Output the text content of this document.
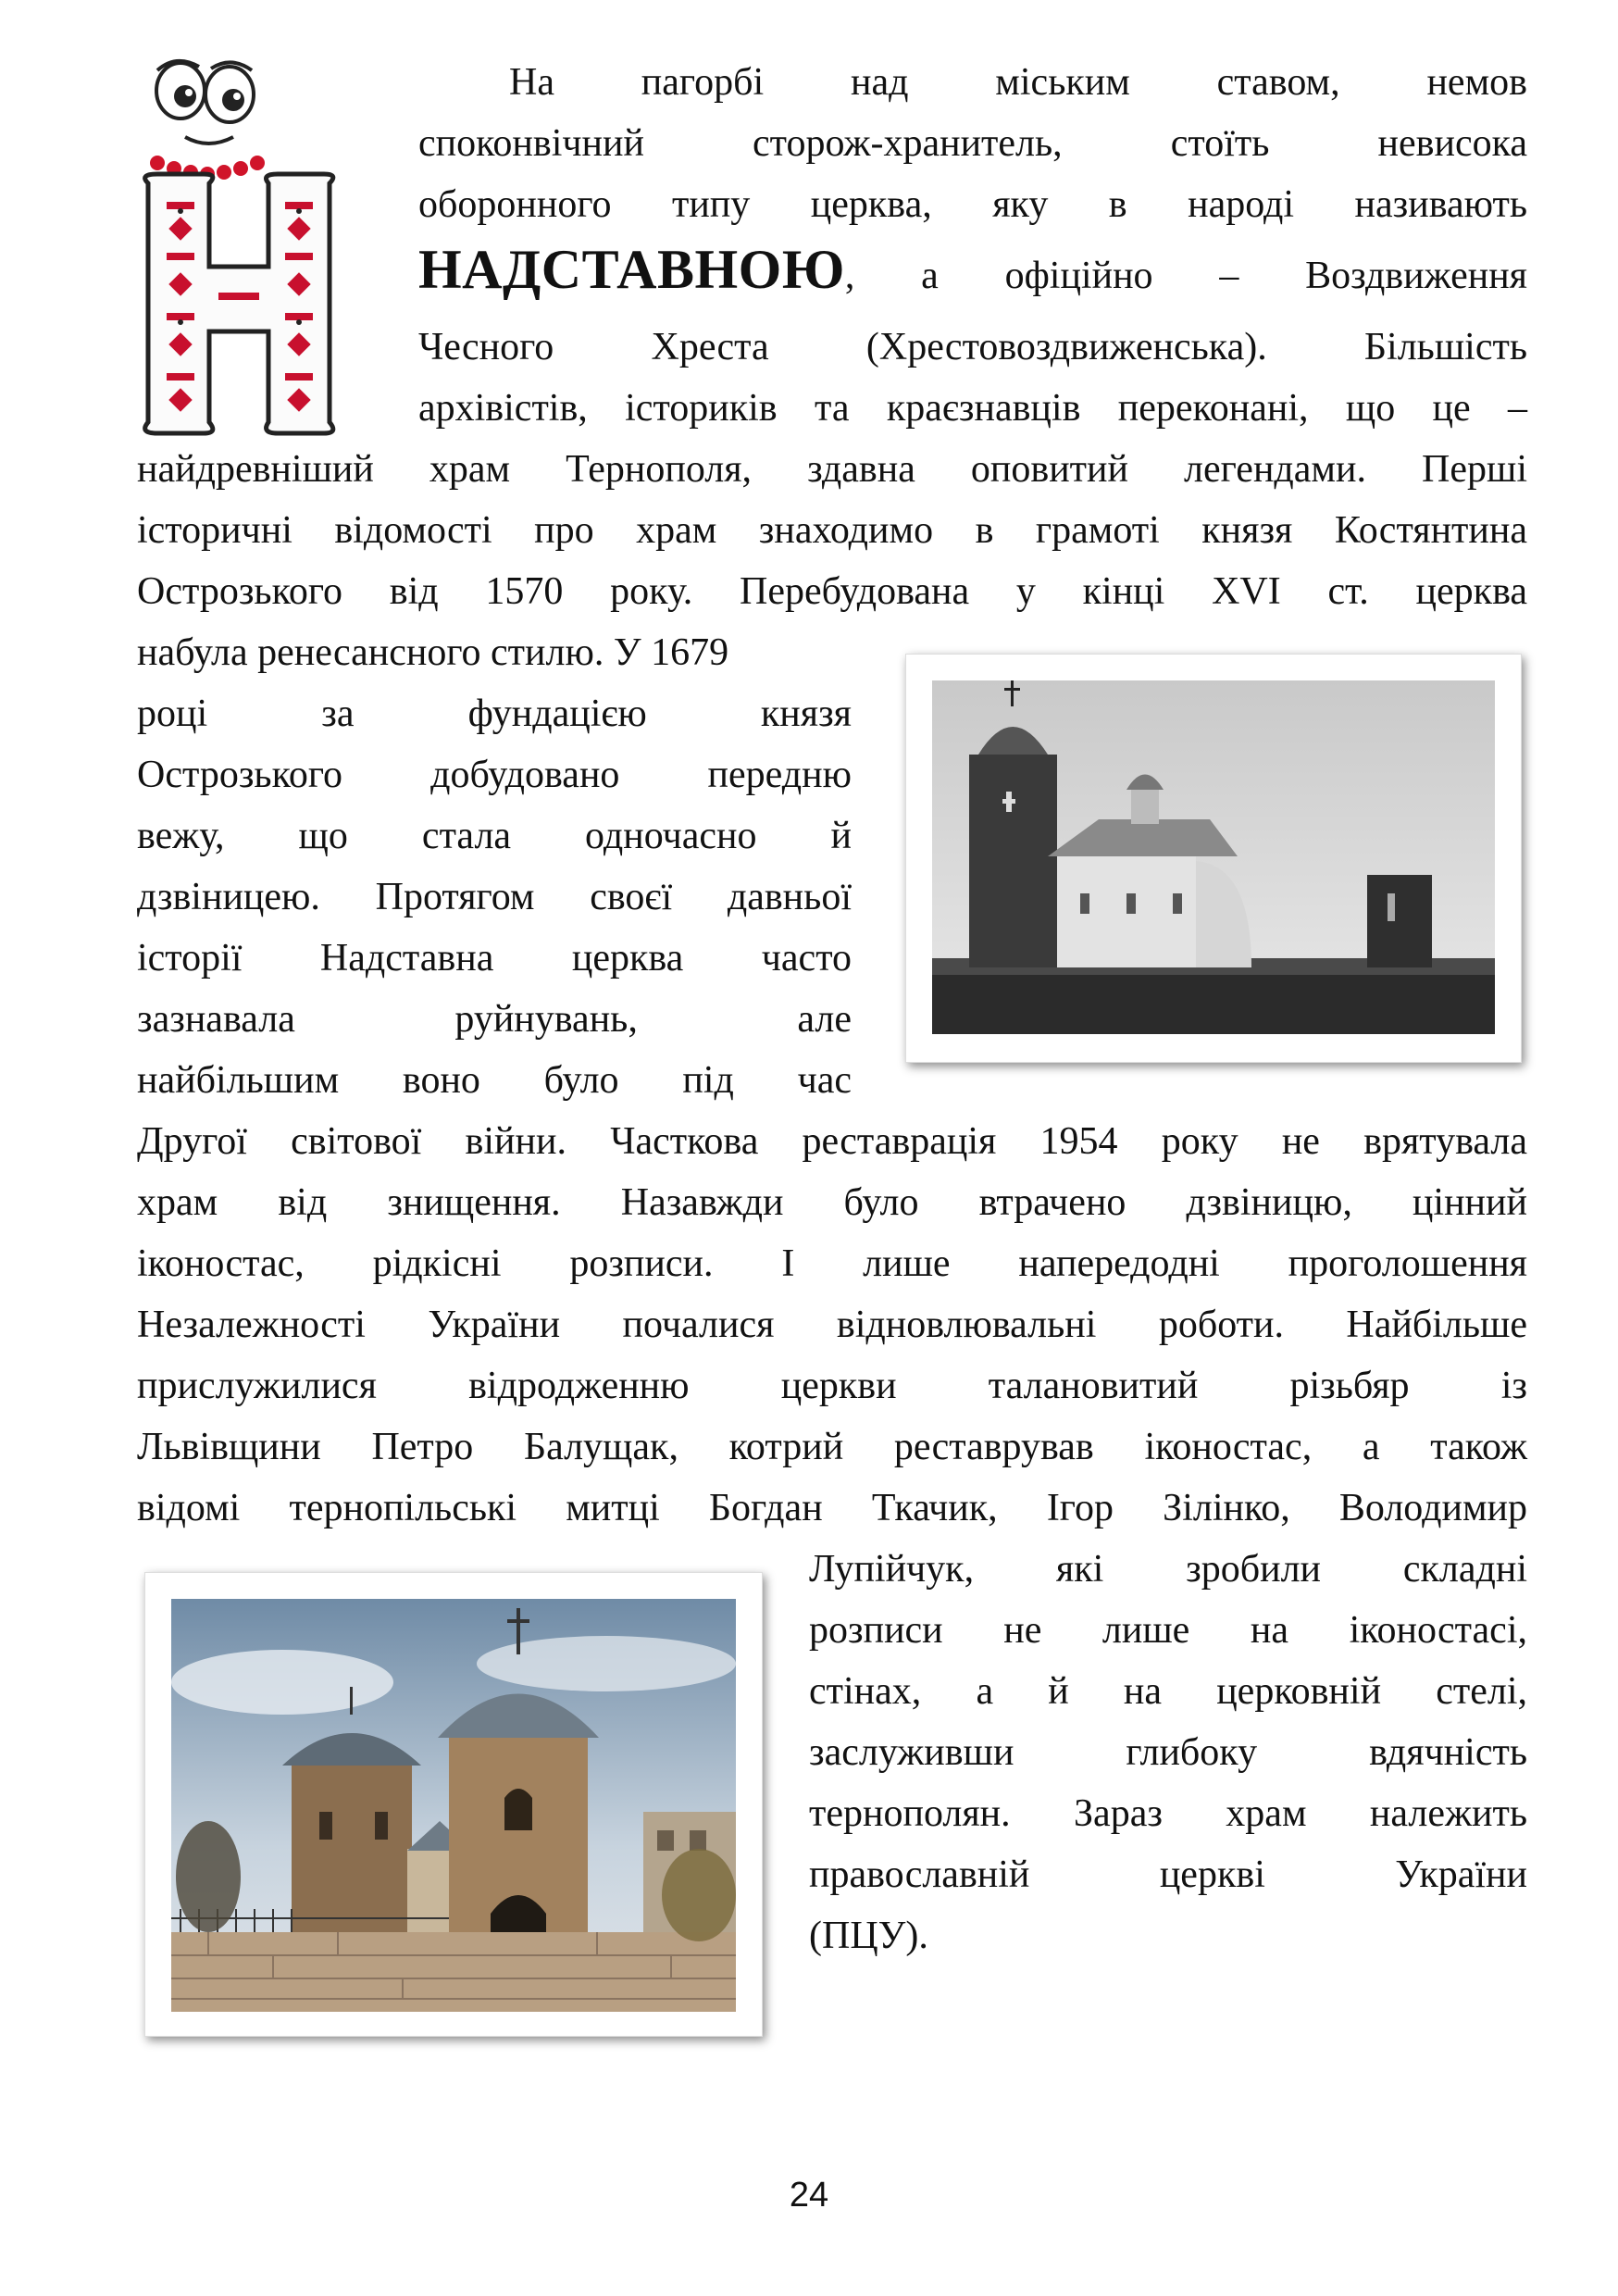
На пагорбі над міським ставом, немов
споконвічний сторож-хранитель, стоїть невисока
оборонного типу церква, яку в народі називають
НАДСТАВНОЮ , а офіційно – Воздвиження
Чесного Хреста (Хрестовоздвиженська). Більшість
архівістів, істориків та краєзнавців переконані, що це –
найдревніший храм Тернополя, здавна оповитий легендами. Перші
історичні відомості про храм знаходимо в грамоті князя Костянтина
Острозького від 1570 року. Перебудована у кінці XVI ст. церква
набула ренесансного стилю. У 1679
році за фундацією князя
Острозького добудовано передню
вежу, що стала одночасно й
дзвіницею. Протягом своєї давньої
історії Надставна церква часто
зазнавала руйнувань, але
найбільшим воно було під час
Другої світової війни. Часткова реставрація 1954 року не врятувала
храм від знищення. Назавжди було втрачено дзвіницю, цінний
іконостас, рідкісні розписи. І лише напередодні проголошення
Незалежності України почалися відновлювальні роботи. Найбільше
прислужилися відродженню церкви талановитий різьбяр із
Львівщини Петро Балущак, котрий реставрував іконостас, а також
відомі тернопільські митці Богдан Ткачик, Ігор Зілінко, Володимир
Лупійчук, які зробили складні
розписи не лише на іконостасі,
стінах, а й на церковній стелі,
заслуживши глибоку вдячність
тернополян. Зараз храм належить
православній церкві України
(ПЦУ).
24
